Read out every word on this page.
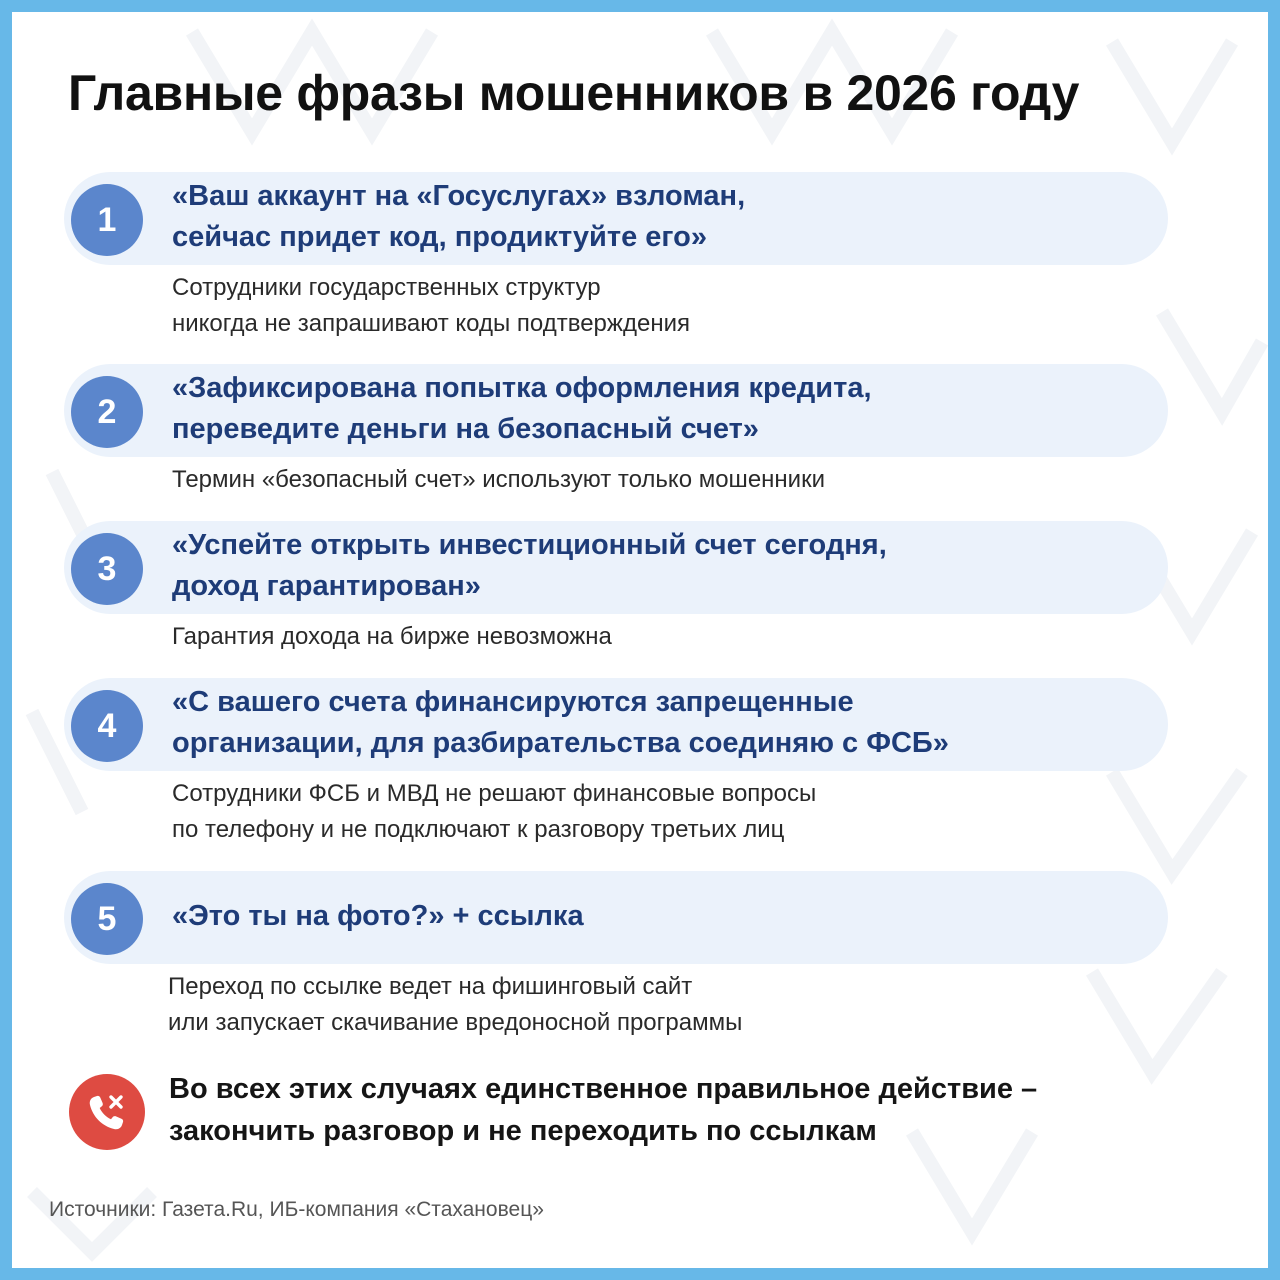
Главные фразы мошенников в 2026 году
1

«Ваш аккаунт на «Госуслугах» взломан,
сейчас придет код, продиктуйте его»

Сотрудники государственных структур
никогда не запрашивают коды подтверждения

2

«Зафиксирована попытка оформления кредита,
переведите деньги на безопасный счет»

Термин «безопасный счет» используют только мошенники

3

«Успейте открыть инвестиционный счет сегодня,
доход гарантирован»

Гарантия дохода на бирже невозможна

4

«С вашего счета финансируются запрещенные
организации, для разбирательства соединяю с ФСБ»

Сотрудники ФСБ и МВД не решают финансовые вопросы
по телефону и не подключают к разговору третьих лиц

5	«Это ты на фото?» + ссылка

Переход по ссылке ведет на фишинговый сайт
или запускает скачивание вредоносной программы

Во всех этих случаях единственное правильное действие –
закончить разговор и не переходить по ссылкам

Источники: Газета.Ru, ИБ-компания «Стахановец»
